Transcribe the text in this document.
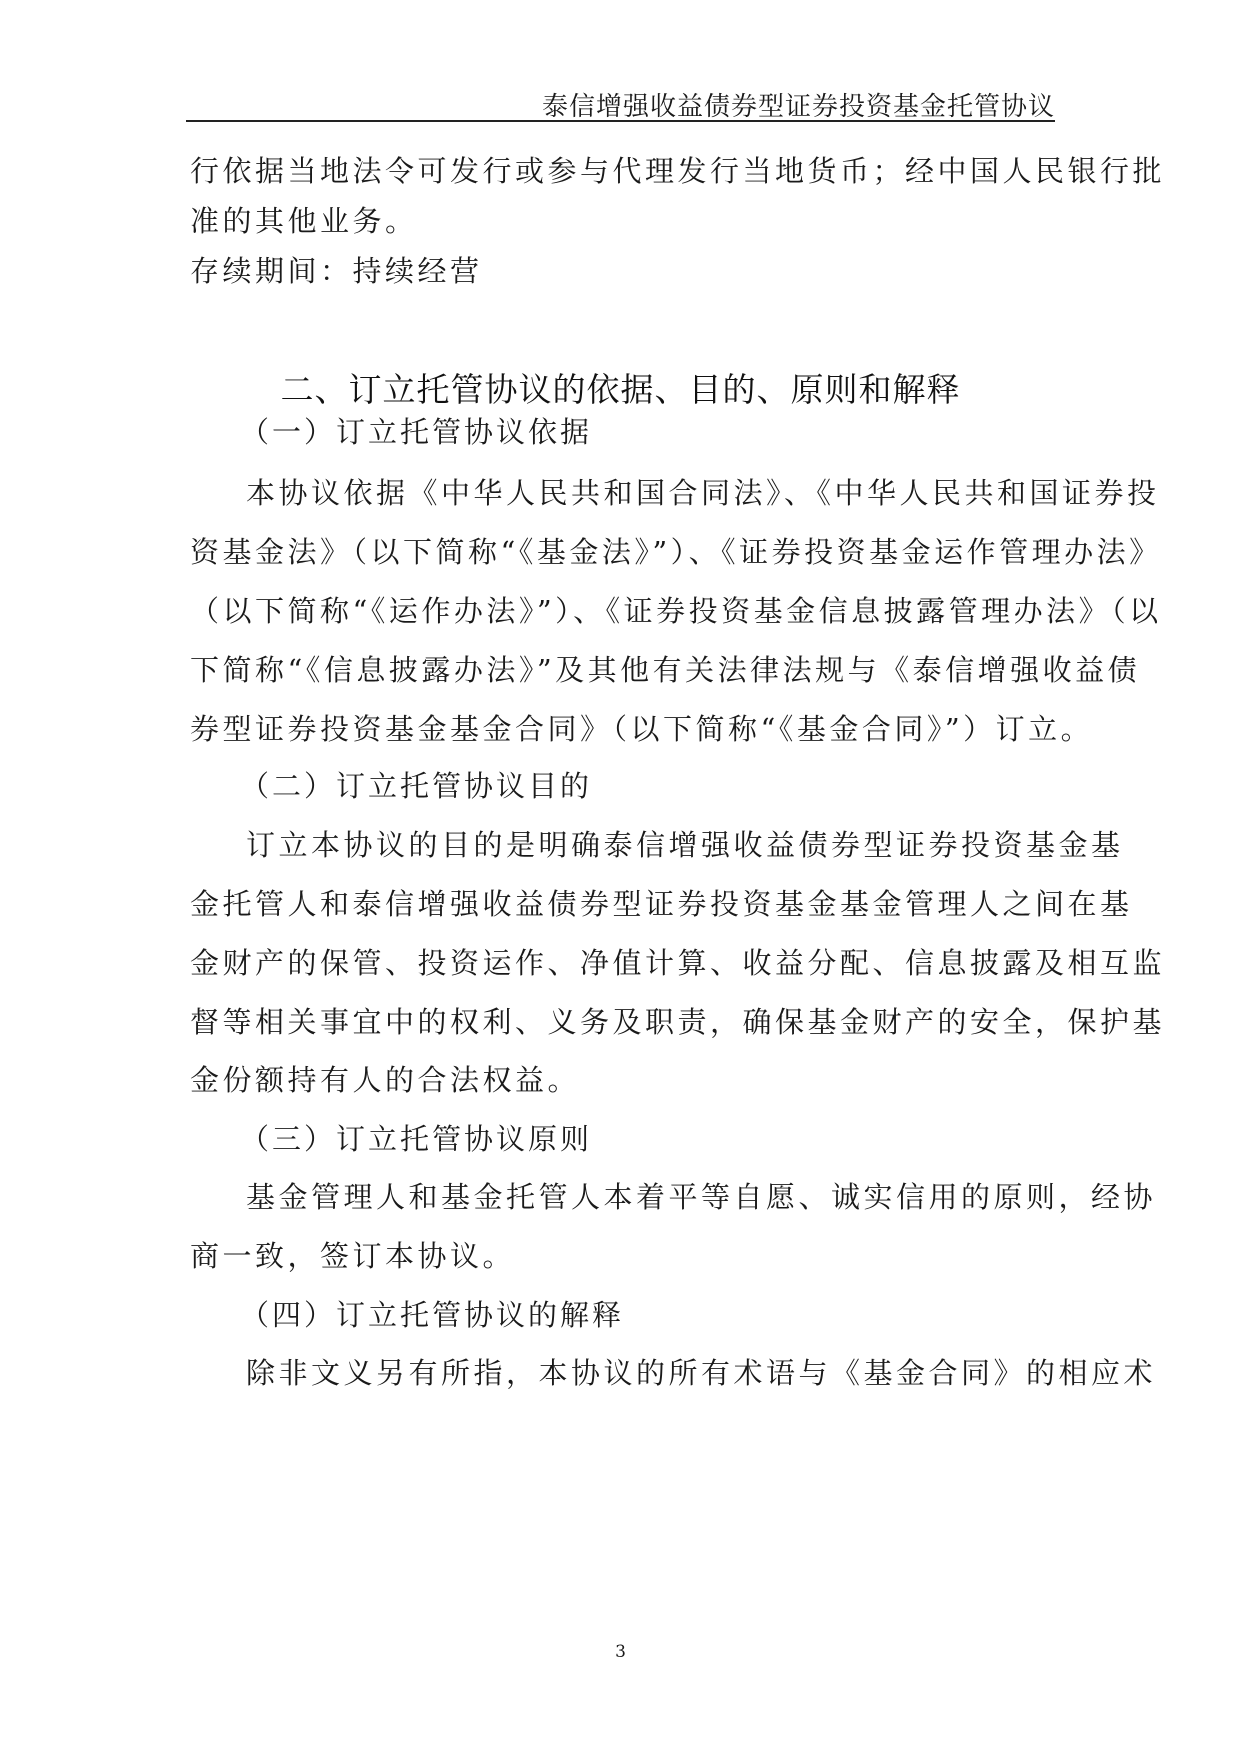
泰信增强收益债券型证券投资基金托管协议
行依据当地法令可发行或参与代理发行当地货币；经中国人民银行批
准的其他业务。
存续期间：持续经营
二、订立托管协议的依据、目的、原则和解释
（一）订立托管协议依据
本协议依据《中华人民共和国合同法》、《中华人民共和国证券投
资基金法》（以下简称“《基金法》”）、《证券投资基金运作管理办法》
（以下简称“《运作办法》”）、《证券投资基金信息披露管理办法》（以
下简称“《信息披露办法》”及其他有关法律法规与《泰信增强收益债
券型证券投资基金基金合同》（以下简称“《基金合同》”）订立。
（二）订立托管协议目的
订立本协议的目的是明确泰信增强收益债券型证券投资基金基
金托管人和泰信增强收益债券型证券投资基金基金管理人之间在基
金财产的保管、投资运作、净值计算、收益分配、信息披露及相互监
督等相关事宜中的权利、义务及职责，确保基金财产的安全，保护基
金份额持有人的合法权益。
（三）订立托管协议原则
基金管理人和基金托管人本着平等自愿、诚实信用的原则，经协
商一致，签订本协议。
（四）订立托管协议的解释
除非文义另有所指，本协议的所有术语与《基金合同》的相应术
3
